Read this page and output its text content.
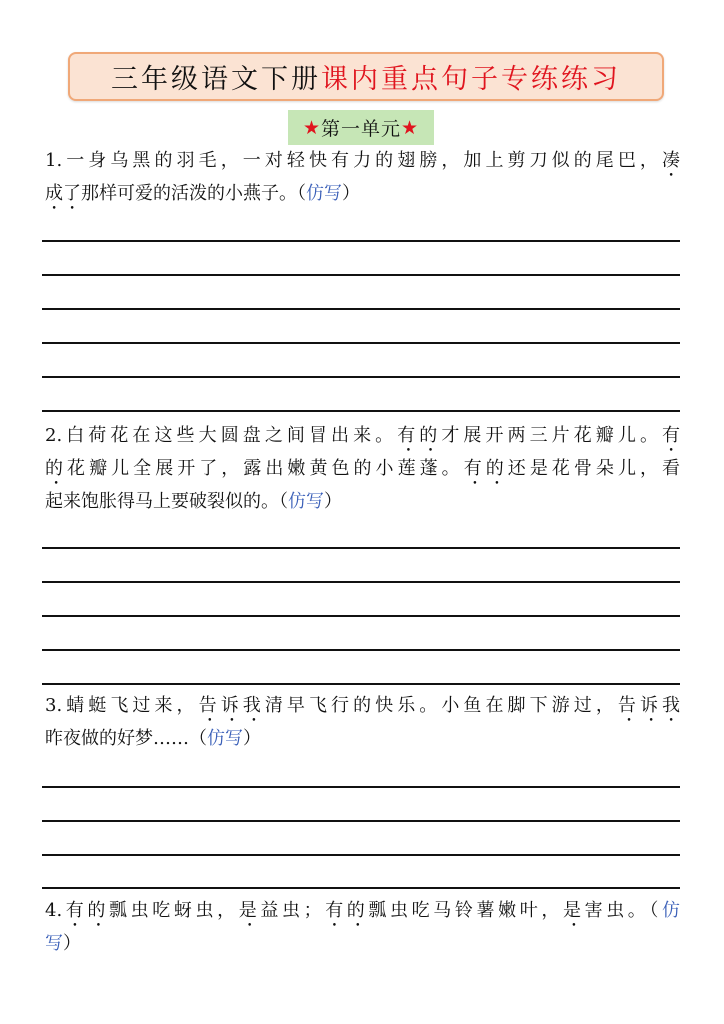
三年级语文下册 课内重点句子专练练习
★ 第一单元 ★
1.一身乌黑的羽毛，一对轻快有力的翅膀，加上剪刀似的尾巴，凑
成了那样可爱的活泼的小燕子。（仿写）
2.白荷花在这些大圆盘之间冒出来。有的才展开两三片花瓣儿。有
的花瓣儿全展开了，露出嫩黄色的小莲蓬。有的还是花骨朵儿，看
起来饱胀得马上要破裂似的。（仿写）
3.蜻蜓飞过来，告诉我清早飞行的快乐。小鱼在脚下游过，告诉我
昨夜做的好梦……（仿写）
4.有的瓢虫吃蚜虫，是益虫；有的瓢虫吃马铃薯嫩叶，是害虫。（仿
写）
